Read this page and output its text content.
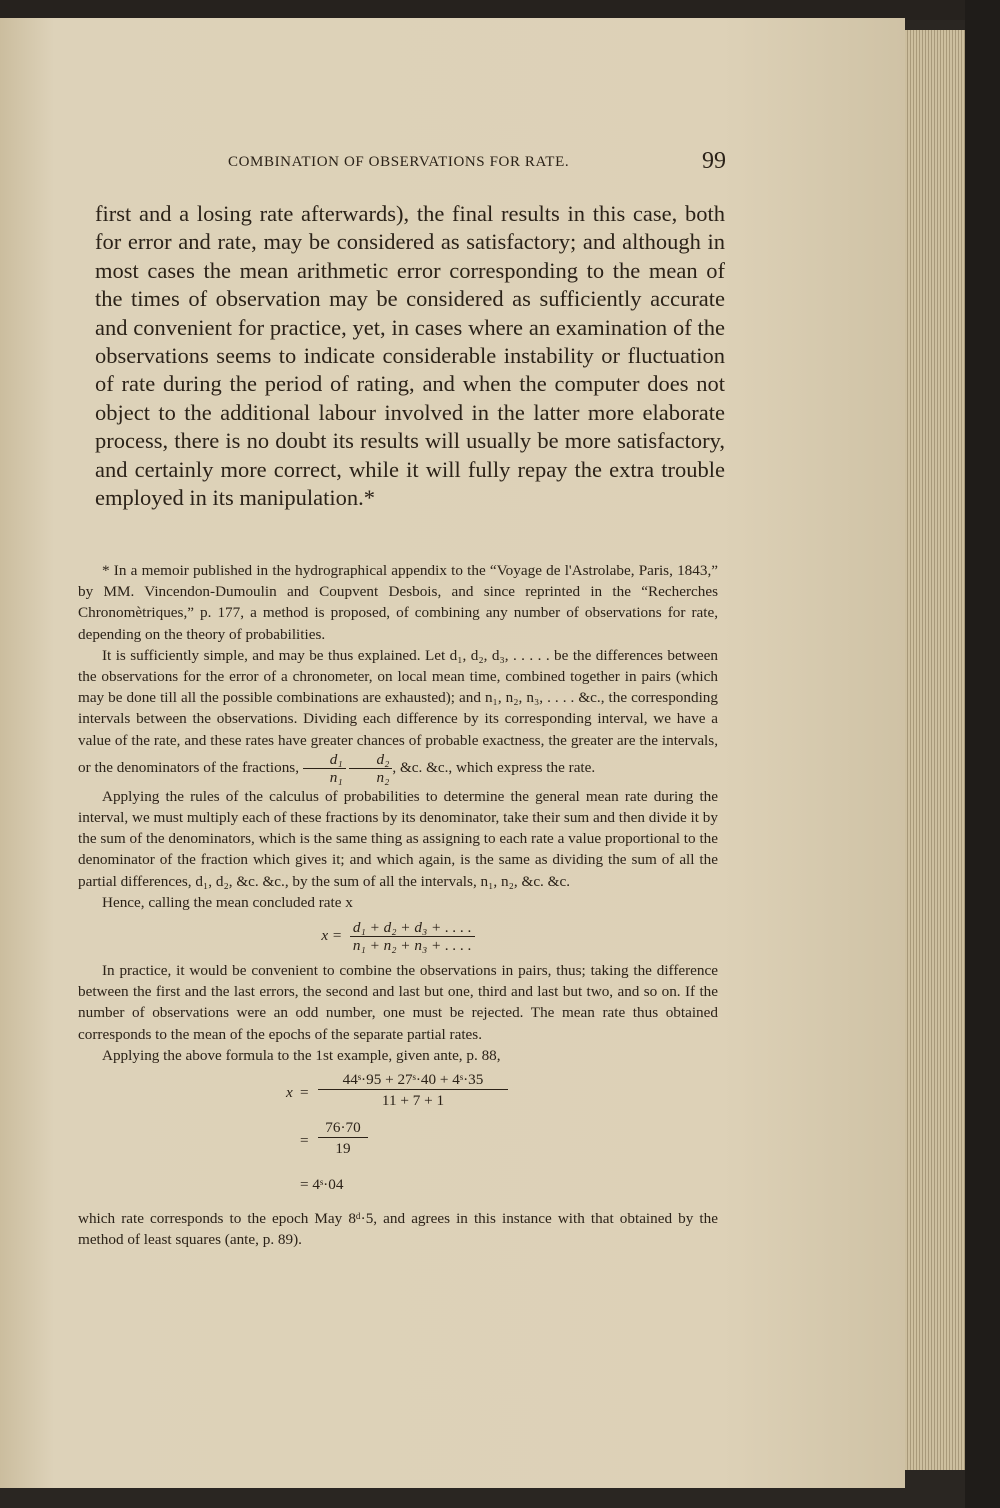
COMBINATION OF OBSERVATIONS FOR RATE.	99
first and a losing rate afterwards), the final results in this case, both for error and rate, may be considered as satisfactory; and although in most cases the mean arithmetic error corresponding to the mean of the times of observation may be considered as sufficiently accurate and convenient for practice, yet, in cases where an examination of the observations seems to indicate considerable instability or fluctuation of rate during the period of rating, and when the computer does not object to the additional labour involved in the latter more elaborate process, there is no doubt its results will usually be more satisfactory, and certainly more correct, while it will fully repay the extra trouble employed in its manipulation.*

* In a memoir published in the hydrographical appendix to the “Voyage de l'Astrolabe, Paris, 1843,” by MM. Vincendon-Dumoulin and Coupvent Desbois, and since reprinted in the “Recherches Chronomètriques,” p. 177, a method is proposed, of combining any number of observations for rate, depending on the theory of probabilities.

It is sufficiently simple, and may be thus explained. Let d₁, d₂, d₃, . . . . . be the differences between the observations for the error of a chronometer, on local mean time, combined together in pairs (which may be done till all the possible combinations are exhausted); and n₁, n₂, n₃, . . . . &c., the corresponding intervals between the observations. Dividing each difference by its corresponding interval, we have a value of the rate, and these rates have greater chances of probable exactness, the greater are the intervals, or the denominators of the fractions, $\frac{\text{d₁}}{\text{n₁}}$
$\frac{\text{d₂}}{\text{n₂}}$ , &c. &c., which express the rate.

Applying the rules of the calculus of probabilities to determine the general mean rate during the interval, we must multiply each of these fractions by its denominator, take their sum and then divide it by the sum of the denominators, which is the same thing as assigning to each rate a value proportional to the denominator of the fraction which gives it; and which again, is the same as dividing the sum of all the partial differences, d₁, d₂, &c. &c., by the sum of all the intervals, n₁, n₂, &c. &c.

Hence, calling the mean concluded rate x

$x = \frac{\text{d₁ + d₂ + d₃ + . . . .}}{\text{n₁ + n₂ + n₃ + . . . .}}$

In practice, it would be convenient to combine the observations in pairs, thus; taking the difference between the first and the last errors, the second and last but one, third and last but two, and so on. If the number of observations were an odd number, one must be rejected. The mean rate thus obtained corresponds to the mean of the epochs of the separate partial rates.

Applying the above formula to the 1st example, given ante, p. 88,

$x = \frac{\text{44ˢ·95 + 27ˢ·40 + 4ˢ·35}}{11 + 7 + 1}$
= $\frac{76\cdot 70}{19}$
= 4ˢ·04

which rate corresponds to the epoch May 8ᵈ·5, and agrees in this instance with that obtained by the method of least squares (ante, p. 89).
